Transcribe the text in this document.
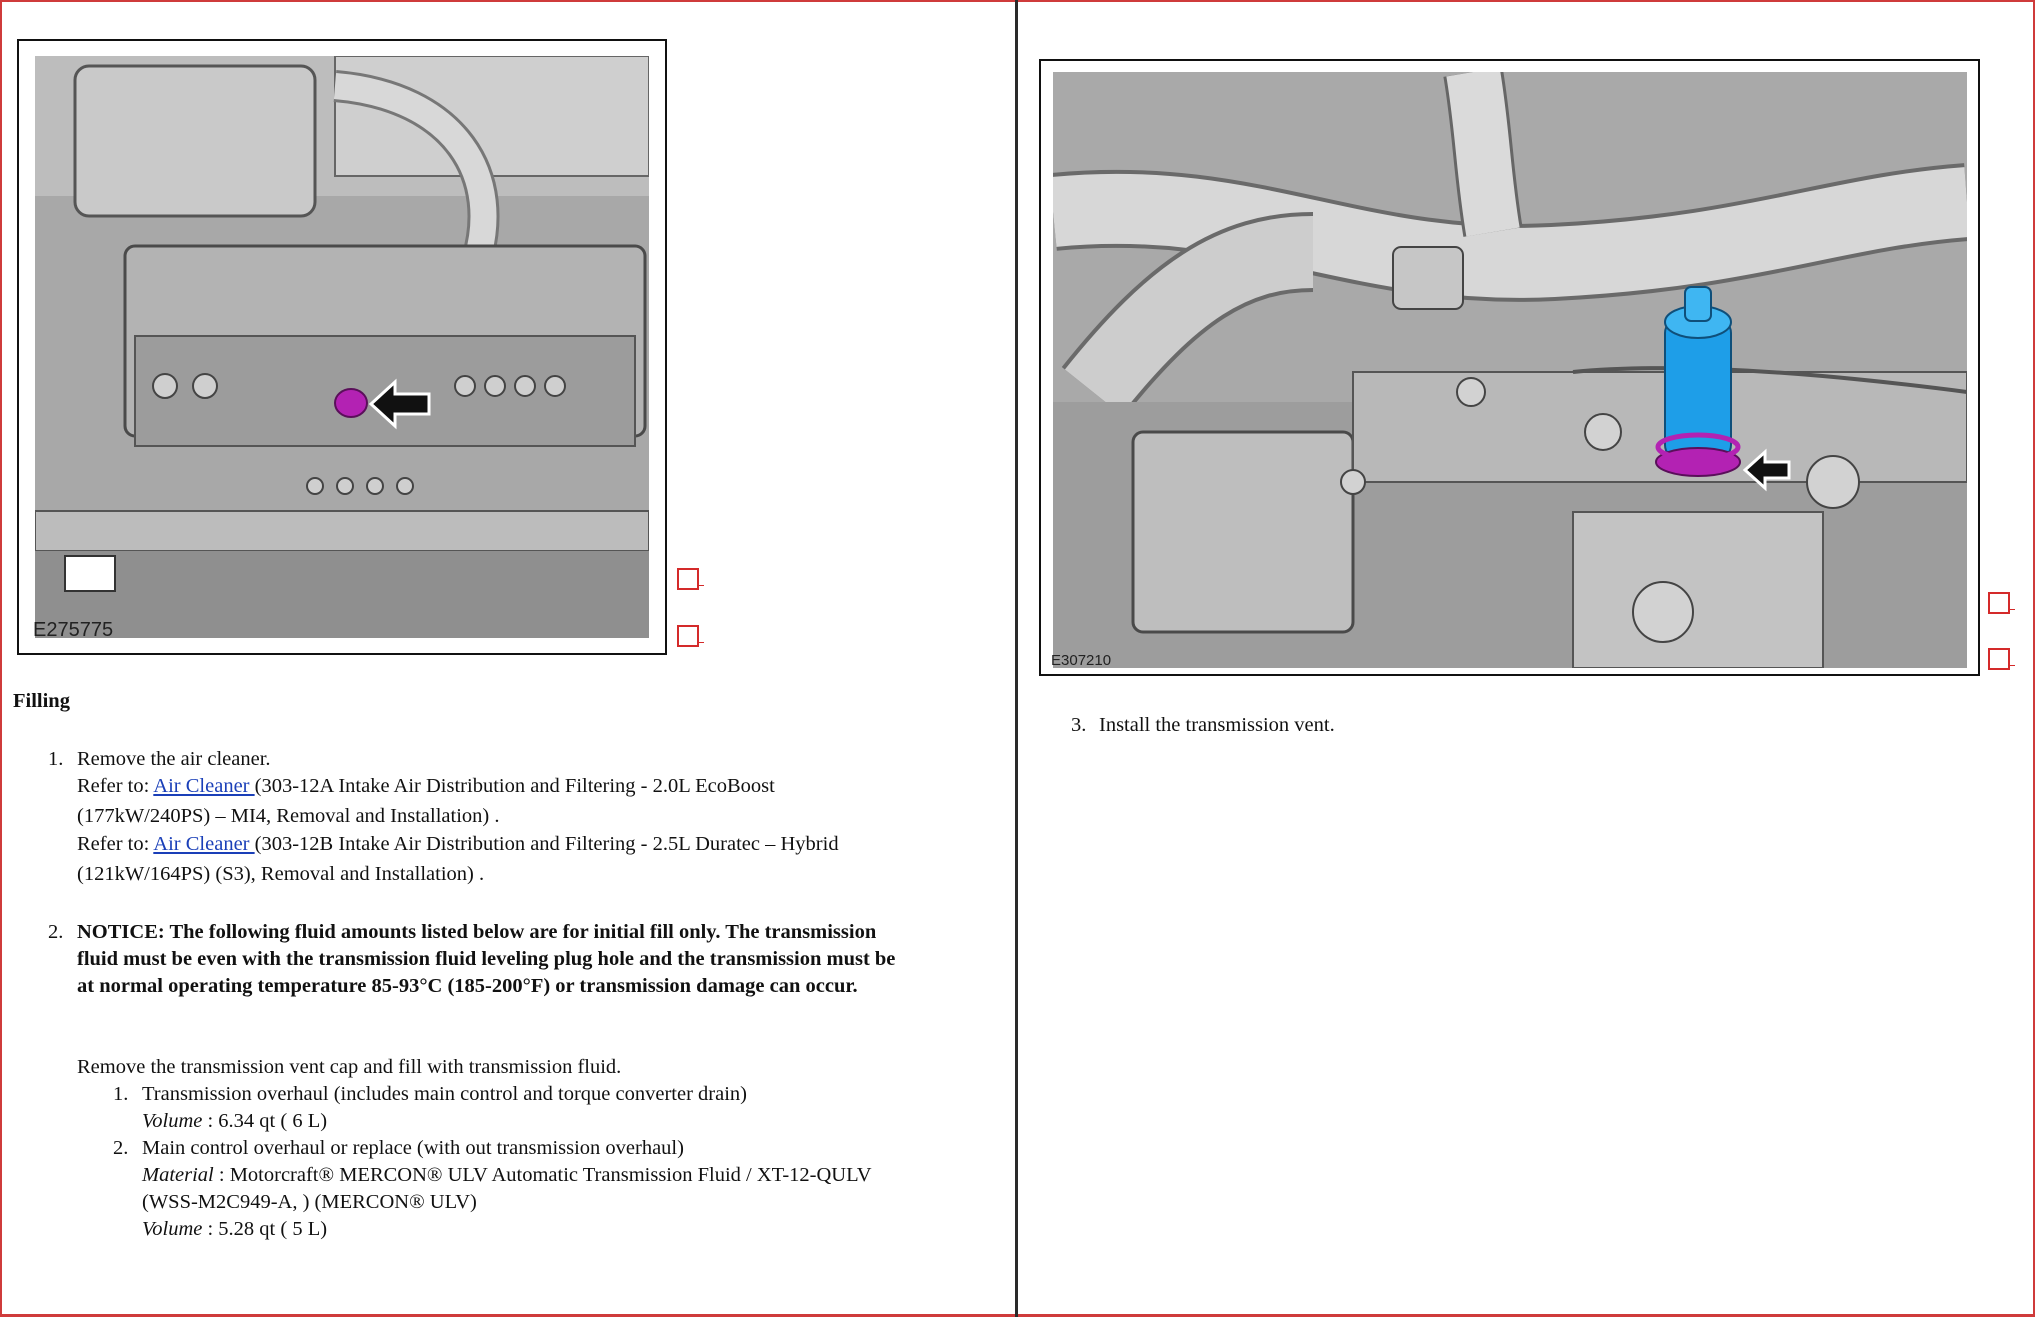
E275775
Filling
1. Remove the air cleaner.
Refer to: Air Cleaner (303-12A Intake Air Distribution and Filtering - 2.0L EcoBoost
(177kW/240PS) – MI4, Removal and Installation) .
Refer to: Air Cleaner (303-12B Intake Air Distribution and Filtering - 2.5L Duratec – Hybrid
(121kW/164PS) (S3), Removal and Installation) .
2. NOTICE: The following fluid amounts listed below are for initial fill only. The transmission
fluid must be even with the transmission fluid leveling plug hole and the transmission must be
at normal operating temperature 85-93°C (185-200°F) or transmission damage can occur.
Remove the transmission vent cap and fill with transmission fluid.
1. Transmission overhaul (includes main control and torque converter drain)
Volume : 6.34 qt ( 6 L)
2. Main control overhaul or replace (with out transmission overhaul)
Material : Motorcraft® MERCON® ULV Automatic Transmission Fluid / XT-12-QULV
(WSS-M2C949-A, ) (MERCON® ULV)
Volume : 5.28 qt ( 5 L)
E307210
3. Install the transmission vent.
